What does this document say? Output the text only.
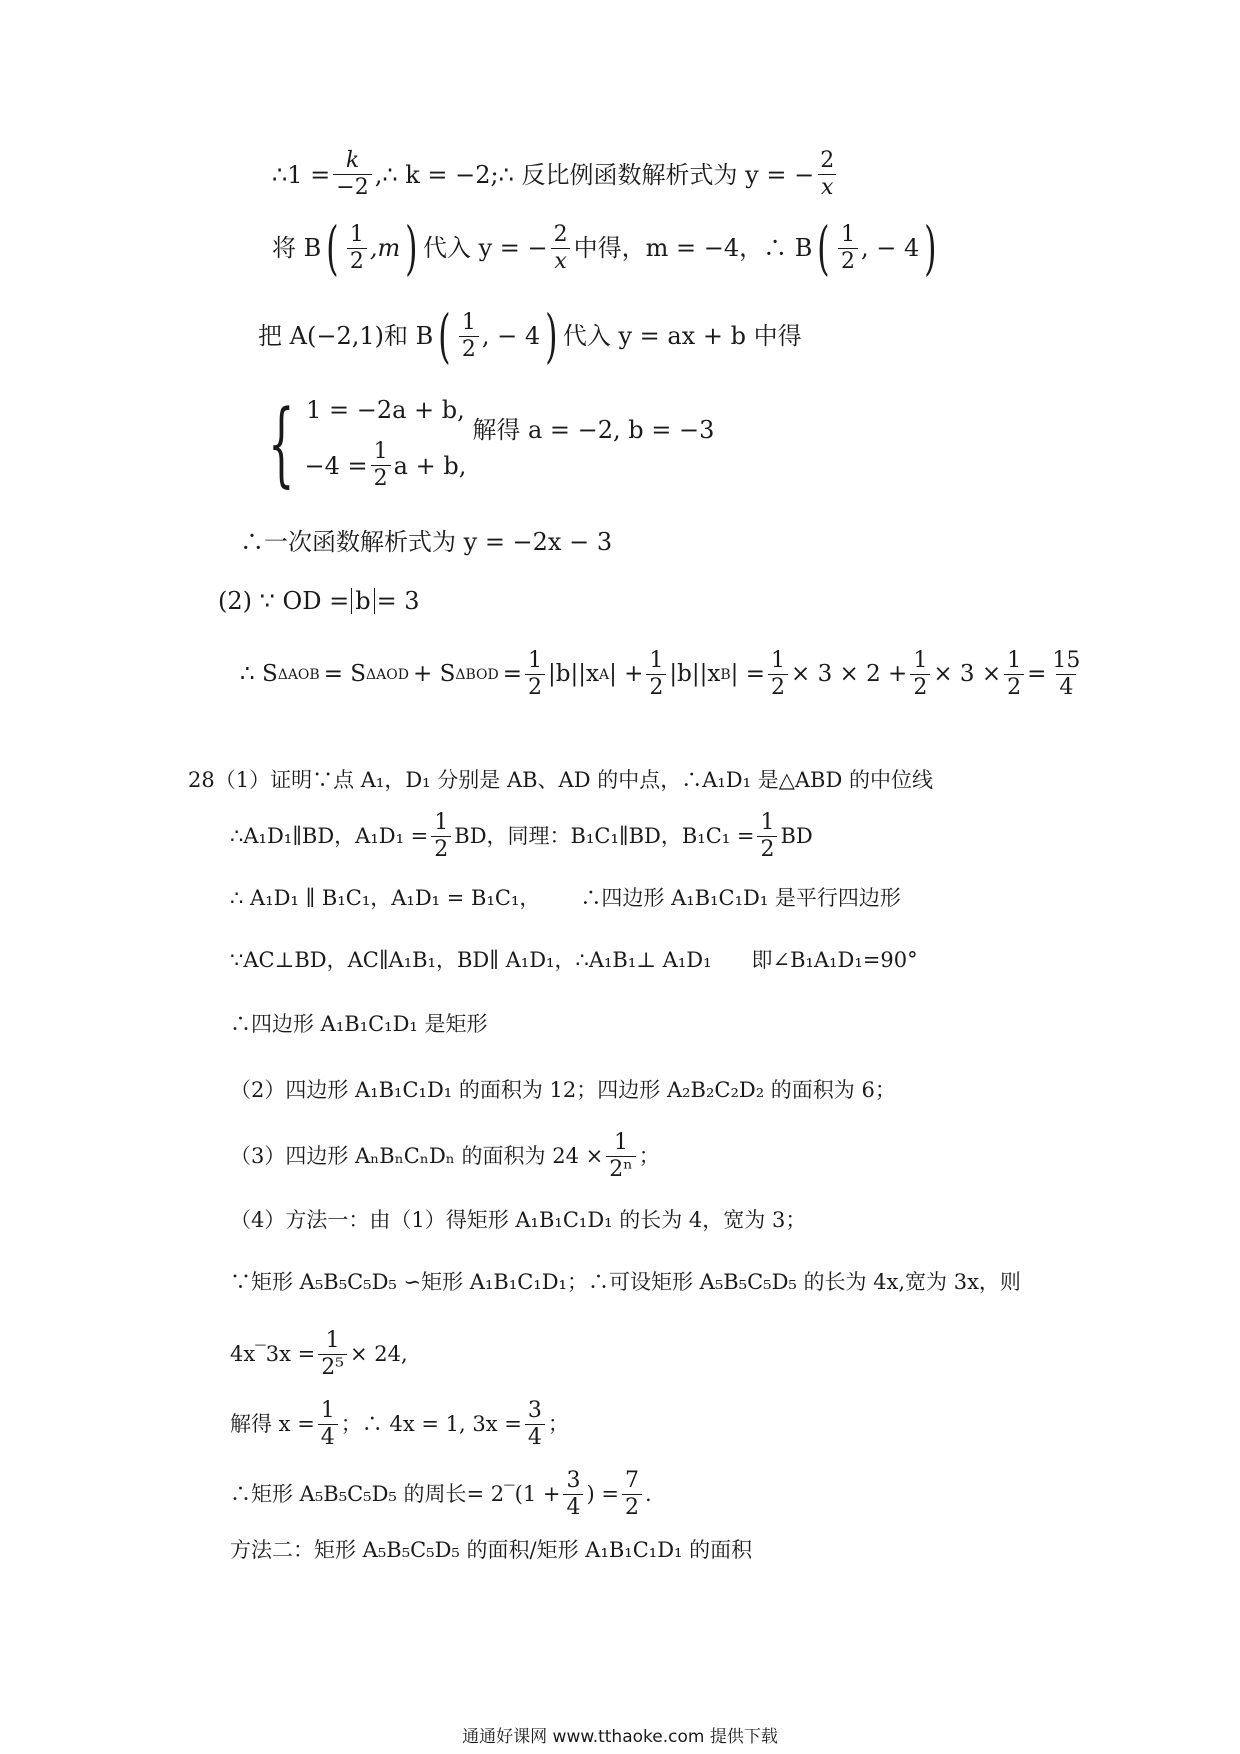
∴1 = $\frac{k}{-2}$ ,∴ k = −2;∴ 反比例函数解析式为 y = − $\frac{2}{x}$
将 B ( $\frac{1}{2} ,m$ ) 代入 y = − $\frac{2}{x}$ 中得，m = −4，∴ B ( $\frac{1}{2}$ , − 4 )
把 A ( −2,1 ) 和 B ( $\frac{1}{2}$ , − 4 ) 代入 y = ax + b 中得
{ 1 = −2a + b,
$-4 = \frac{1}{2}$ a + b,
解得 a = −2, b = −3
∴一次函数解析式为 y = −2x − 3
(2) ∵ OD = b = 3
∴ S ΔAOB = S ΔAOD + S $\Delta BOD = \frac{1}{2} |b||x$ A | + $\frac{1}{2} |b||x$ B | = $\frac{1}{2} \times 3 \times 2 + \frac{1}{2} \times 3 \times \frac{1}{2} = \frac{15}{4}$
28（1）证明∵点 A₁，D₁ 分别是 AB、AD 的中点，∴A₁D₁ 是△ABD 的中位线
∴A₁D₁∥BD，$A_1D_1 = \frac{1}{2}$ BD，同理：B₁C₁∥BD，$B_1C_1 = \frac{1}{2}$ BD
∴ A₁D₁ ∥ B₁C₁，A₁D₁ = B₁C₁， ∴四边形 A₁B₁C₁D₁ 是平行四边形
∵AC⊥BD，AC∥A₁B₁，BD∥ A₁D₁，∴A₁B₁⊥ A₁D₁ 即∠B₁A₁D₁=90°
∴四边形 A₁B₁C₁D₁ 是矩形
（2）四边形 A₁B₁C₁D₁ 的面积为 12；四边形 A₂B₂C₂D₂ 的面积为 6；
（3）四边形 AₙBₙCₙDₙ 的面积为 $24 \times \frac{1}{\text{2ⁿ}}$ ；
（4）方法一：由（1）得矩形 A₁B₁C₁D₁ 的长为 4，宽为 3；
∵矩形 A₅B₅C₅D₅ ∽矩形 A₁B₁C₁D₁；∴可设矩形 A₅B₅C₅D₅ 的长为 4x,宽为 3x，则
4x‾3x = $\frac{1}{\text{2⁵}} \times 24$,
解得 $x = \frac{1}{4}$ ；∴ 4x = 1, $3x = \frac{3}{4}$ ；
∴矩形 A₅B₅C₅D₅ 的周长= 2‾(1 + $\frac{3}{4}$ ) = $\frac{7}{2}$ .
方法二：矩形 A₅B₅C₅D₅ 的面积/矩形 A₁B₁C₁D₁ 的面积
通通好课网 www.tthaoke.com 提供下载
